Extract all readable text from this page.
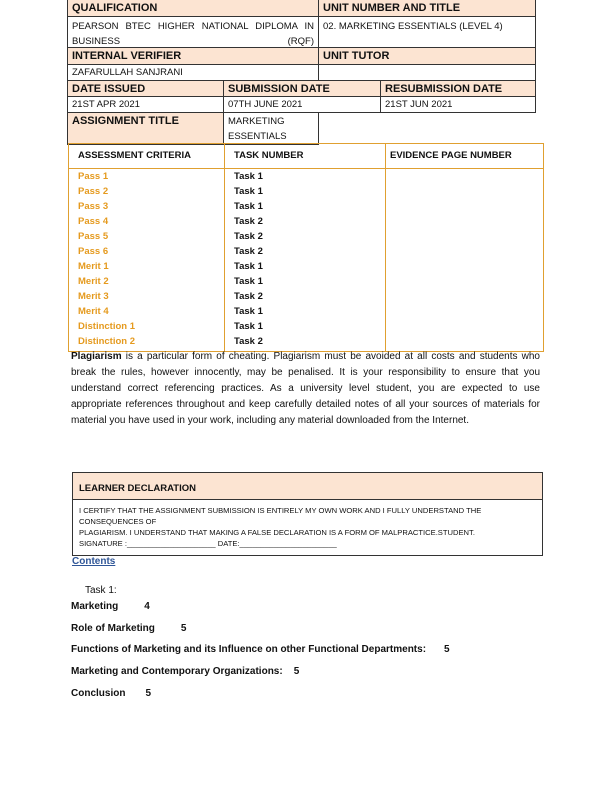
QUALIFICATION	UNIT NUMBER AND TITLE
PEARSON BTEC HIGHER NATIONAL DIPLOMA IN BUSINESS (RQF)
02. MARKETING ESSENTIALS (LEVEL 4)
INTERNAL VERIFIER	UNIT TUTOR
ZAFARULLAH SANJRANI
DATE ISSUED	SUBMISSION DATE	RESUBMISSION DATE
21ST APR 2021	07TH JUNE 2021	21ST JUN 2021
ASSIGNMENT TITLE	MARKETING ESSENTIALS
ASSESSMENT CRITERIA	TASK NUMBER	EVIDENCE PAGE NUMBER
Pass 1	Task 1
Pass 2	Task 1
Pass 3	Task 1
Pass 4	Task 2
Pass 5	Task 2
Pass 6	Task 2
Merit 1	Task 1
Merit 2	Task 1
Merit 3	Task 2
Merit 4	Task 1
Distinction 1	Task 1
Distinction 2	Task 2
Plagiarism is a particular form of cheating. Plagiarism must be avoided at all costs and students who break the rules, however innocently, may be penalised. It is your responsibility to ensure that you understand correct referencing practices. As a university level student, you are expected to use appropriate references throughout and keep carefully detailed notes of all your sources of materials for material you have used in your work, including any material downloaded from the Internet.
LEARNER DECLARATION
I CERTIFY THAT THE ASSIGNMENT SUBMISSION IS ENTIRELY MY OWN WORK AND I FULLY UNDERSTAND THE CONSEQUENCES OF
PLAGIARISM. I UNDERSTAND THAT MAKING A FALSE DECLARATION IS A FORM OF MALPRACTICE.STUDENT.
SIGNATURE :_____________________ DATE:_______________________
Contents
Task 1:
Marketing	4
Role of Marketing	5
Functions of Marketing and its Influence on other Functional Departments: 5
Marketing and Contemporary Organizations: 5
Conclusion 5
